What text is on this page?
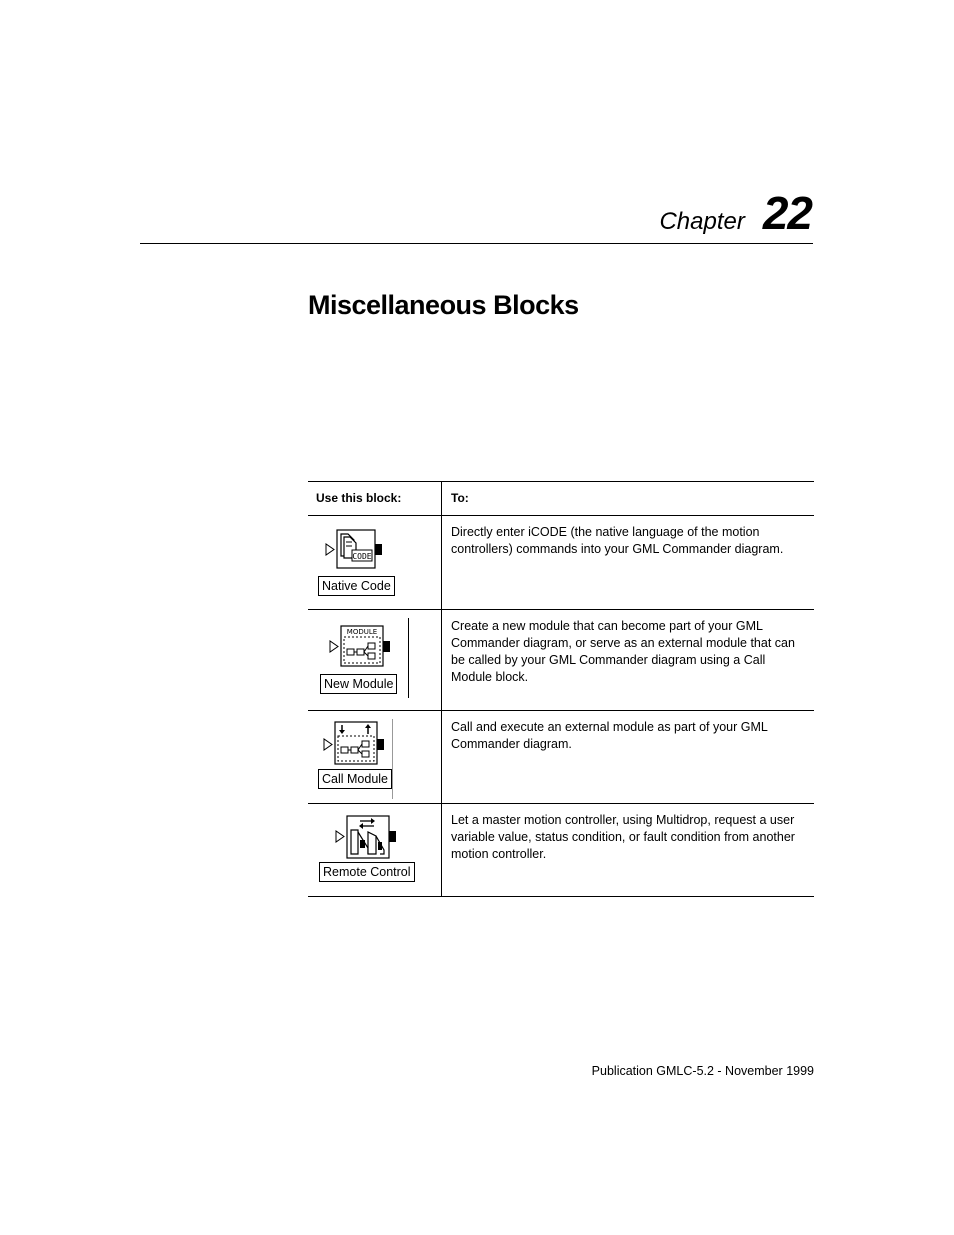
Chapter 22
Miscellaneous Blocks
Use this block:	To:

CODE
Native Code	Directly enter iCODE (the native language of the motion controllers) commands into your GML Commander diagram.

MODULE
New Module	Create a new module that can become part of your GML Commander diagram, or serve as an external module that can be called by your GML Commander diagram using a Call Module block.

Call Module	Call and execute an external module as part of your GML Commander diagram.

Remote Control	Let a master motion controller, using Multidrop, request a user variable value, status condition, or fault condition from another motion controller.
Publication GMLC-5.2 - November 1999
